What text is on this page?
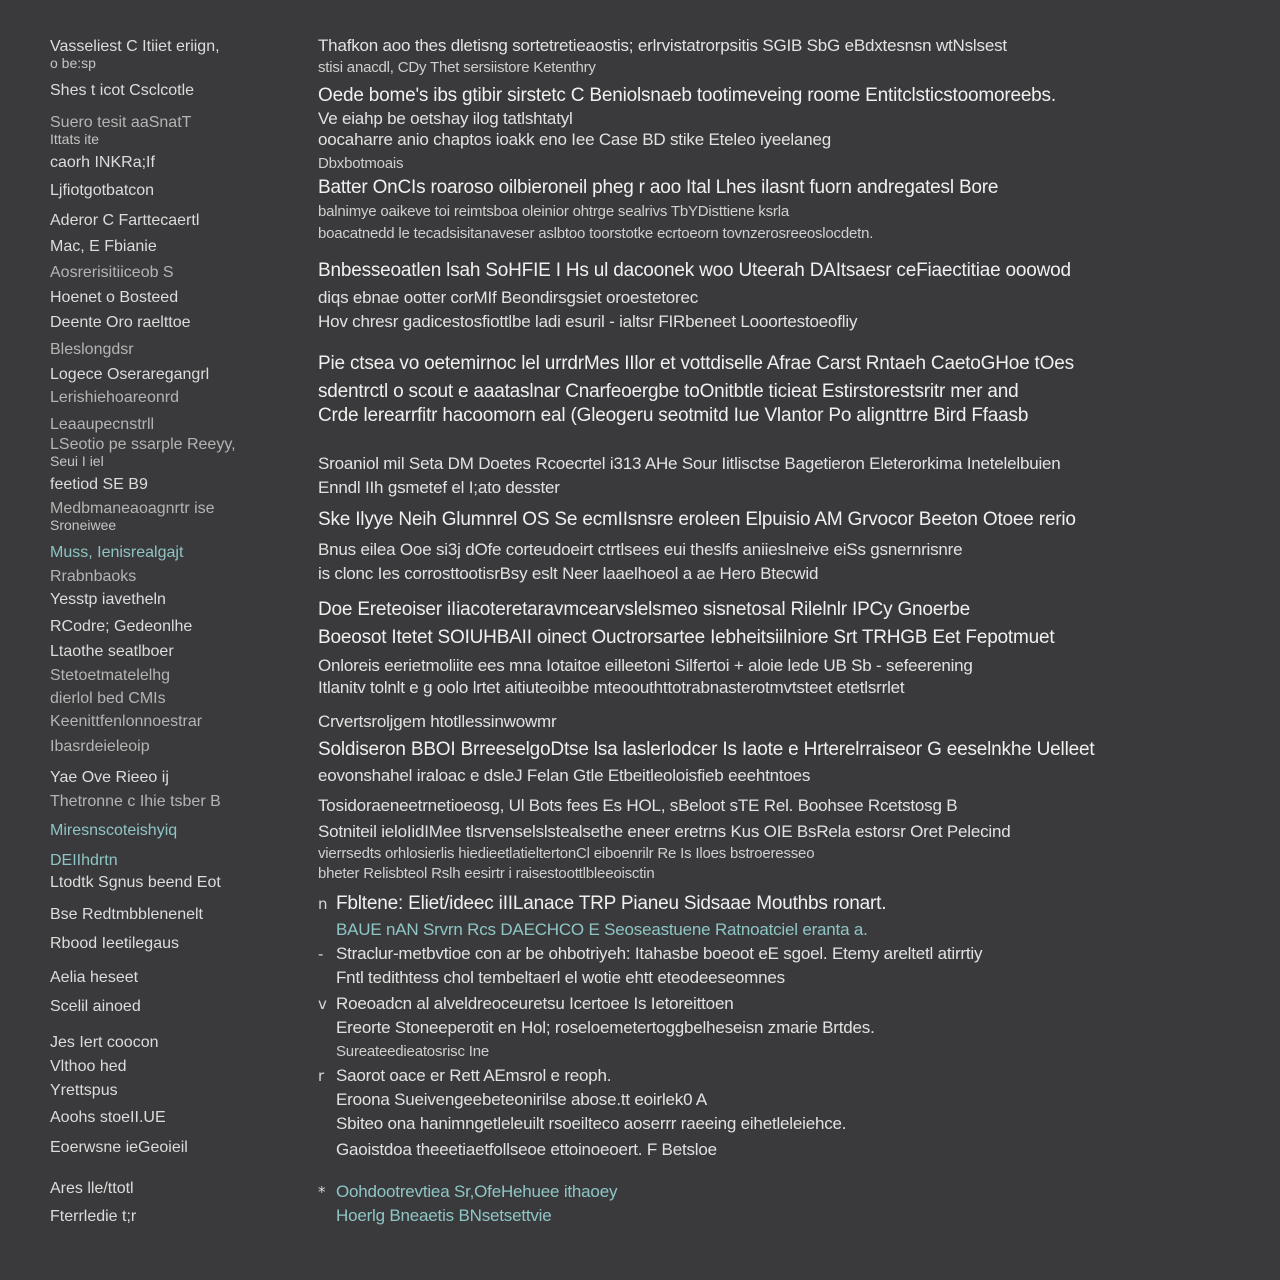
Vasseliest C Itiiet eriign,
o be:sp
Shes t icot Csclcotle
Suero tesit aaSnatT
Ittats ite
caorh INKRa;If
Ljfiotgotbatcon
Aderor C Farttecaertl
Mac, E Fbianie
Aosrerisitiiceob S
Hoenet o Bosteed
Deente Oro raelttoe
Bleslongdsr
Logece Oseraregangrl
Lerishiehoareonrd
Leaaupecnstrll
LSeotio pe ssarple Reeyy,
Seui I iel
feetiod SE B9
Medbmaneaoagnrtr ise
Sroneiwee
Muss, Ienisrealgajt
Rrabnbaoks
Yesstp iavetheln
RCodre; Gedeonlhe
Ltaothe seatlboer
Stetoetmatelelhg
dierlol bed CMIs
Keenittfenlonnoestrar
Ibasrdeieleoip
Yae Ove Rieeo ij
Thetronne c Ihie tsber B
Miresnscoteishyiq
DEIIhdrtn
Ltodtk Sgnus beend Eot
Bse Redtmbblenenelt
Rbood Ieetilegaus
Aelia heseet
Scelil ainoed
Jes Iert coocon
Vlthoo hed
Yrettspus
Aoohs stoeII.UE
Eoerwsne ieGeoieil
Ares lle/ttotl
Fterrledie t;r
Thafkon aoo thes dletisng sortetretieaostis; erlrvistatrorpsitis SGIB SbG eBdxtesnsn wtNslsest
stisi anacdl, CDy Thet sersiistore Ketenthry
Oede bome's ibs gtibir sirstetc C Beniolsnaeb tootimeveing roome Entitclsticstoomoreebs.
Ve eiahp be oetshay ilog tatlshtatyl
oocaharre anio chaptos ioakk eno Iee Case BD stike Eteleo iyeelaneg
Dbxbotmoais
Batter OnCIs roaroso oilbieroneil pheg r aoo Ital Lhes ilasnt fuorn andregatesl Bore
balnimye oaikeve toi reimtsboa oleinior ohtrge sealrivs TbYDisttiene ksrla
boacatnedd le tecadsisitanaveser aslbtoo toorstotke ecrtoeorn tovnzerosreeoslocdetn.
Bnbesseoatlen lsah SoHFIE I Hs ul dacoonek woo Uteerah DAItsaesr ceFiaectitiae ooowod
diqs ebnae ootter corMIf Beondirsgsiet oroestetorec
Hov chresr gadicestosfiottlbe ladi esuril - ialtsr FIRbeneet Looortestoeofliy
Pie ctsea vo oetemirnoc lel urrdrMes IIlor et vottdiselle Afrae Carst Rntaeh CaetoGHoe tOes
sdentrctl o scout e aaataslnar Cnarfeoergbe toOnitbtle ticieat Estirstorestsritr mer and
Crde lerearrfitr hacoomorn eal (Gleogeru seotmitd Iue Vlantor Po alignttrre Bird Ffaasb
Sroaniol mil Seta DM Doetes Rcoecrtel i313 AHe Sour Iitlisctse Bagetieron Eleterorkima Inetelelbuien
Enndl IIh gsmetef el I;ato desster
Ske Ilyye Neih Glumnrel OS Se ecmIIsnsre eroleen Elpuisio AM Grvocor Beeton Otoee rerio
Bnus eilea Ooe si3j dOfe corteudoeirt ctrtlsees eui theslfs aniieslneive eiSs gsnernrisnre
is clonc Ies corrosttootisrBsy eslt Neer laaelhoeol a ae Hero Btecwid
Doe Ereteoiser iIiacoteretaravmcearvslelsmeo sisnetosal Rilelnlr IPCy Gnoerbe
Boeosot Itetet SOIUHBAII oinect Ouctrorsartee Iebheitsiilniore Srt TRHGB Eet Fepotmuet
Onloreis eerietmoliite ees mna Iotaitoe eilleetoni Silfertoi + aloie lede UB Sb - sefeerening
Itlanitv tolnlt e g oolo lrtet aitiuteoibbe mteoouthttotrabnasterotmvtsteet etetlsrrlet
Crvertsroljgem htotllessinwowmr
Soldiseron BBOI BrreeselgoDtse lsa laslerlodcer Is Iaote e Hrterelrraiseor G eeselnkhe Uelleet
eovonshahel iraloac e dsleJ Felan Gtle Etbeitleoloisfieb eeehtntoes
Tosidoraeneetrnetioeosg, Ul Bots fees Es HOL, sBeloot sTE Rel. Boohsee Rcetstosg B
Sotniteil ieloIidIMee tlsrvenselslstealsethe eneer eretrns Kus OIE BsRela estorsr Oret Pelecind
vierrsedts orhlosierlis hiedieetlatieltertonCl eiboenrilr Re Is Iloes bstroeresseo
bheter Relisbteol Rslh eesirtr i raisestoottlbleeoisctin
n Fbltene: Eliet/ideec iIILanace TRP Pianeu Sidsaae Mouthbs ronart.
BAUE nAN Srvrn Rcs DAECHCO E Seoseastuene Ratnoatciel eranta a.
- Straclur-metbvtioe con ar be ohbotriyeh: Itahasbe boeoot eE sgoel. Etemy areltetl atirrtiy
Fntl tedithtess chol tembeltaerl el wotie ehtt eteodeeseomnes
v Roeoadcn al alveldreoceuretsu Icertoee Is Ietoreittoen
Ereorte Stoneeperotit en Hol; roseloemetertoggbelheseisn zmarie Brtdes.
Sureateedieatosrisc Ine
r Saorot oace er Rett AEmsrol e reoph.
Eroona Sueivengeebeteonirilse abose.tt eoirlek0 A
Sbiteo ona hanimngetleleuilt rsoeilteco aoserrr raeeing eihetleleiehce.
Gaoistdoa theeetiaetfollseoe ettoinoeoert. F Betsloe
* Oohdootrevtiea Sr,OfeHehuee ithaoey
Hoerlg Bneaetis BNsetsettvie
